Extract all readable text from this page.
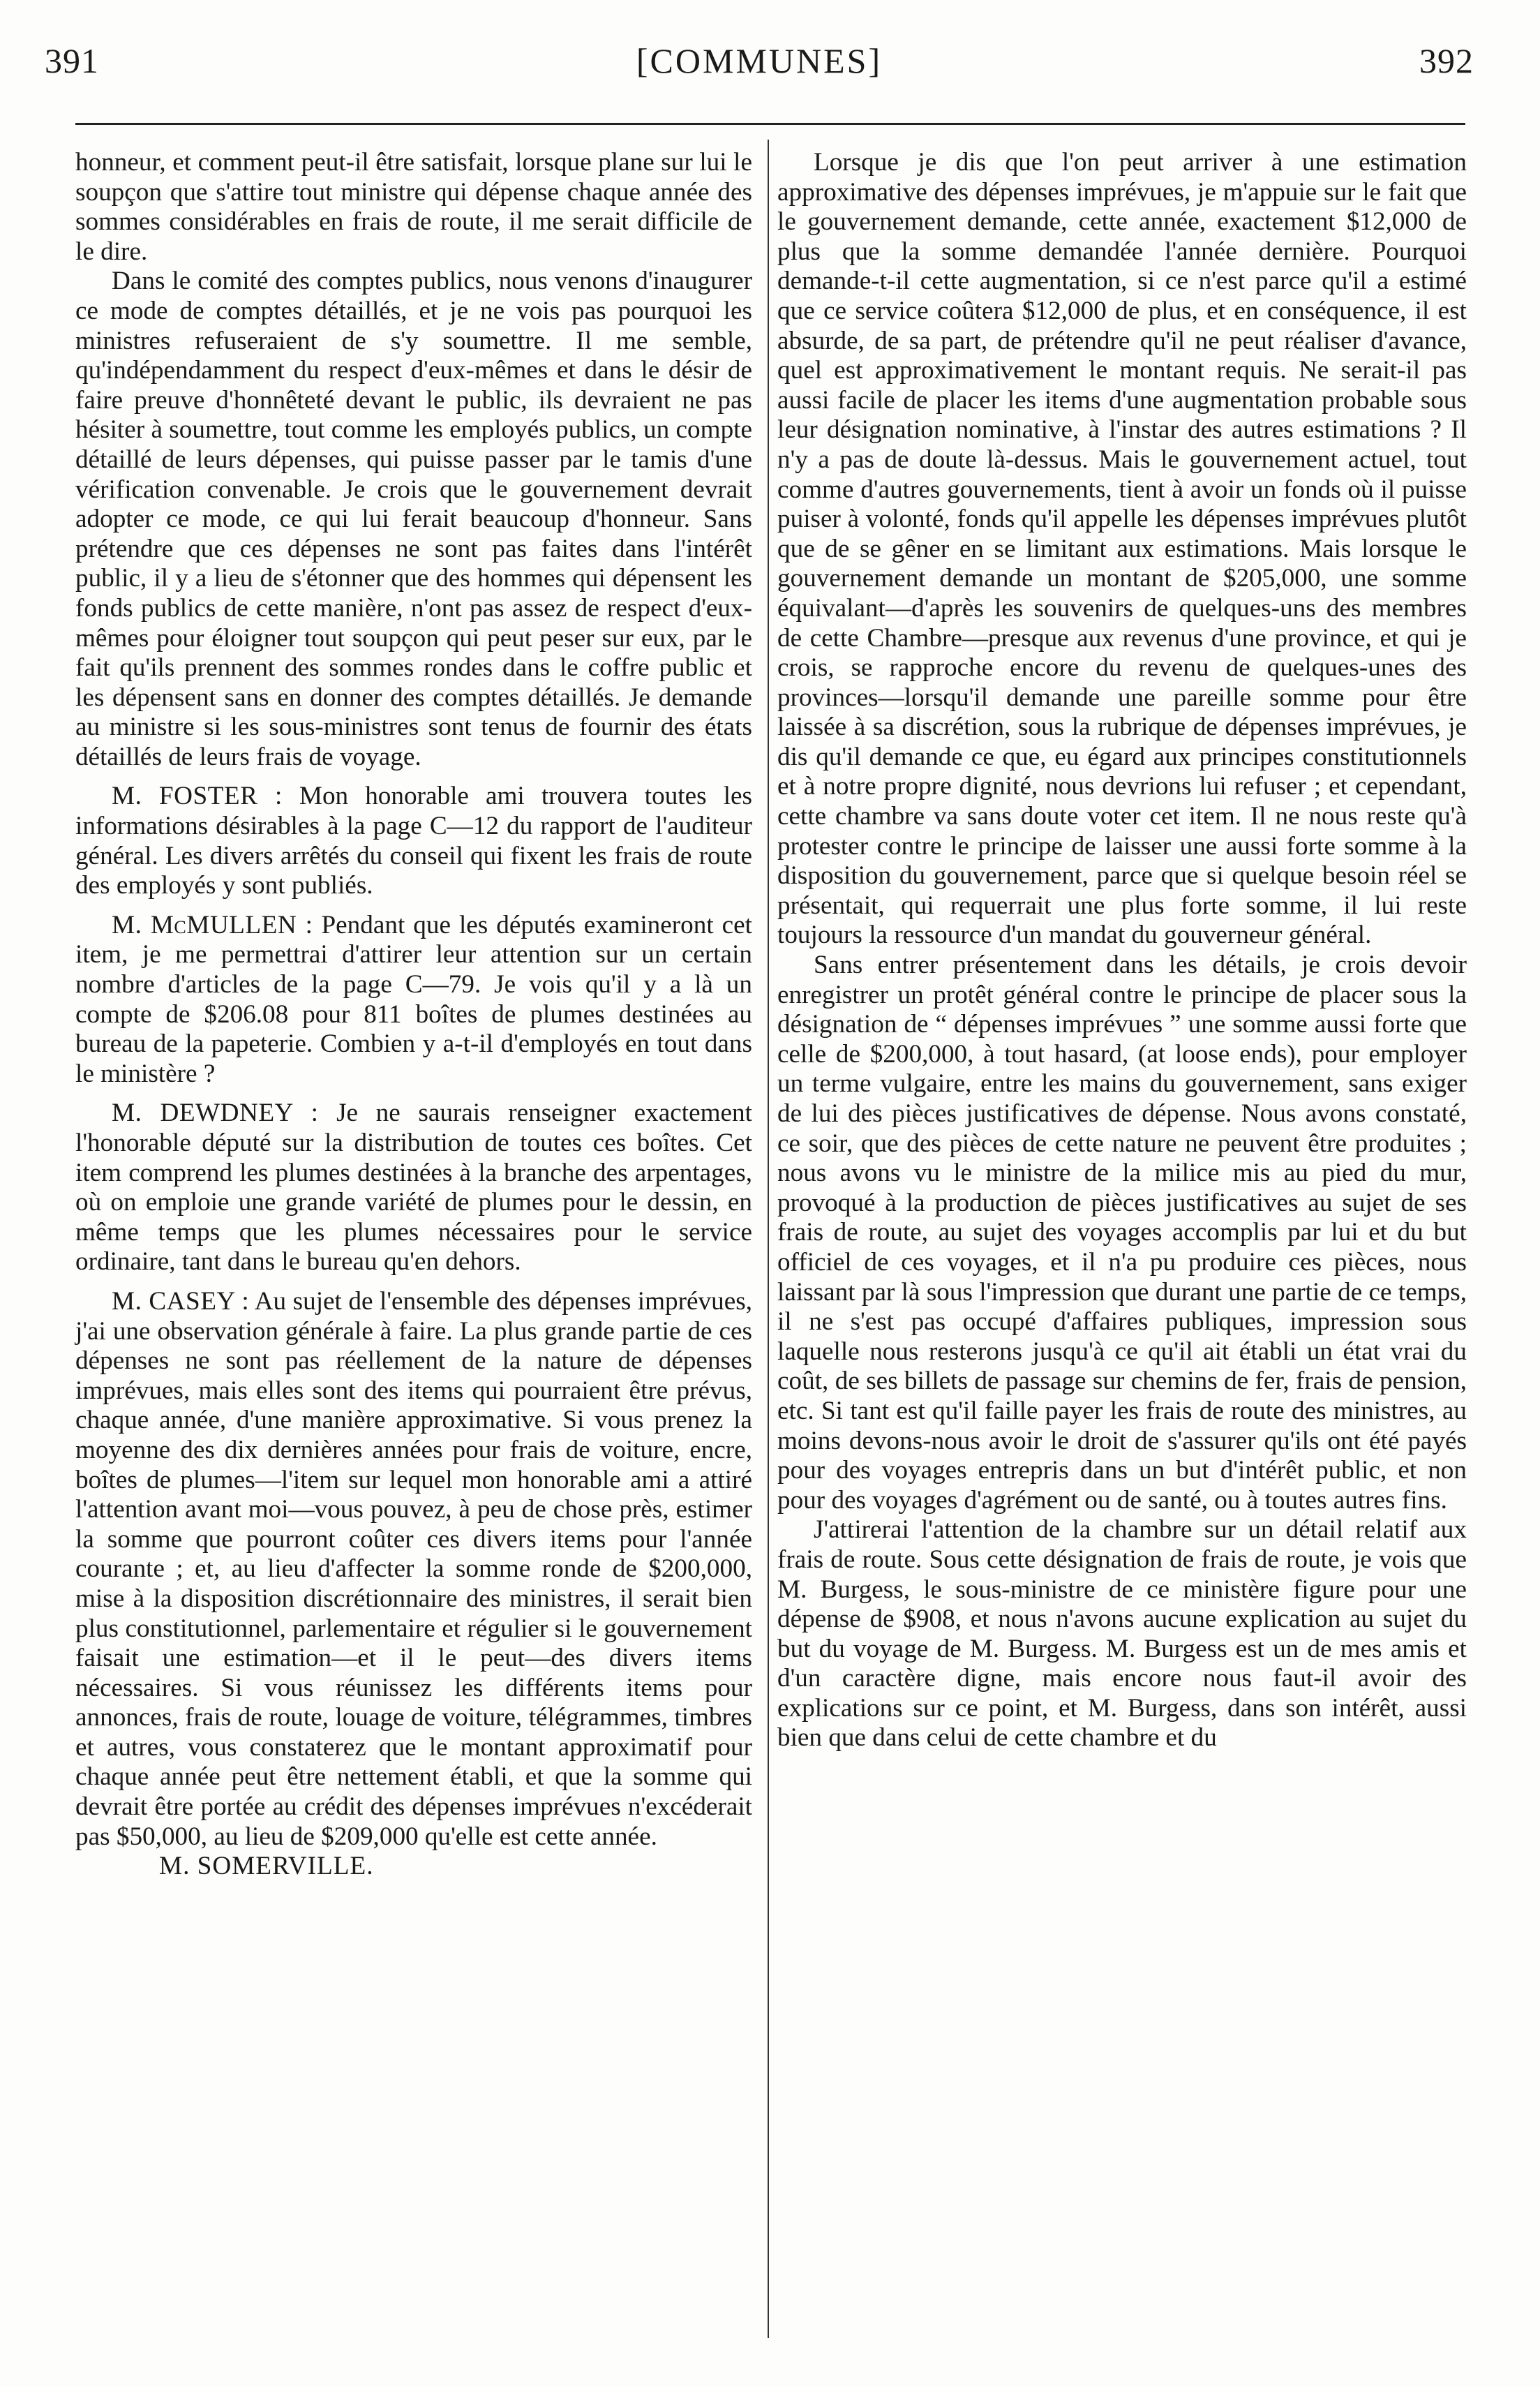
391	[COMMUNES]	392

honneur, et comment peut-il être satisfait, lorsque plane sur lui le soupçon que s'attire tout ministre qui dépense chaque année des sommes considérables en frais de route, il me serait difficile de le dire.

Dans le comité des comptes publics, nous venons d'inaugurer ce mode de comptes détaillés, et je ne vois pas pourquoi les ministres refuseraient de s'y soumettre. Il me semble, qu'indépendamment du respect d'eux-mêmes et dans le désir de faire preuve d'honnêteté devant le public, ils devraient ne pas hésiter à soumettre, tout comme les employés publics, un compte détaillé de leurs dépenses, qui puisse passer par le tamis d'une vérification convenable. Je crois que le gouvernement devrait adopter ce mode, ce qui lui ferait beaucoup d'honneur. Sans prétendre que ces dépenses ne sont pas faites dans l'intérêt public, il y a lieu de s'étonner que des hommes qui dépensent les fonds publics de cette manière, n'ont pas assez de respect d'eux-mêmes pour éloigner tout soupçon qui peut peser sur eux, par le fait qu'ils prennent des sommes rondes dans le coffre public et les dépensent sans en donner des comptes détaillés. Je demande au ministre si les sous-ministres sont tenus de fournir des états détaillés de leurs frais de voyage.

M. FOSTER : Mon honorable ami trouvera toutes les informations désirables à la page C—12 du rapport de l'auditeur général. Les divers arrêtés du conseil qui fixent les frais de route des employés y sont publiés.

M. McMULLEN : Pendant que les députés examineront cet item, je me permettrai d'attirer leur attention sur un certain nombre d'articles de la page C—79. Je vois qu'il y a là un compte de $206.08 pour 811 boîtes de plumes destinées au bureau de la papeterie. Combien y a-t-il d'employés en tout dans le ministère ?

M. DEWDNEY : Je ne saurais renseigner exactement l'honorable député sur la distribution de toutes ces boîtes. Cet item comprend les plumes destinées à la branche des arpentages, où on emploie une grande variété de plumes pour le dessin, en même temps que les plumes nécessaires pour le service ordinaire, tant dans le bureau qu'en dehors.

M. CASEY : Au sujet de l'ensemble des dépenses imprévues, j'ai une observation générale à faire. La plus grande partie de ces dépenses ne sont pas réellement de la nature de dépenses imprévues, mais elles sont des items qui pourraient être prévus, chaque année, d'une manière approximative. Si vous prenez la moyenne des dix dernières années pour frais de voiture, encre, boîtes de plumes—l'item sur lequel mon honorable ami a attiré l'attention avant moi—vous pouvez, à peu de chose près, estimer la somme que pourront coûter ces divers items pour l'année courante ; et, au lieu d'affecter la somme ronde de $200,000, mise à la disposition discrétionnaire des ministres, il serait bien plus constitutionnel, parlementaire et régulier si le gouvernement faisait une estimation—et il le peut—des divers items nécessaires. Si vous réunissez les différents items pour annonces, frais de route, louage de voiture, télégrammes, timbres et autres, vous constaterez que le montant approximatif pour chaque année peut être nettement établi, et que la somme qui devrait être portée au crédit des dépenses imprévues n'excéderait pas $50,000, au lieu de $209,000 qu'elle est cette année.

M. SOMERVILLE.

Lorsque je dis que l'on peut arriver à une estimation approximative des dépenses imprévues, je m'appuie sur le fait que le gouvernement demande, cette année, exactement $12,000 de plus que la somme demandée l'année dernière. Pourquoi demande-t-il cette augmentation, si ce n'est parce qu'il a estimé que ce service coûtera $12,000 de plus, et en conséquence, il est absurde, de sa part, de prétendre qu'il ne peut réaliser d'avance, quel est approximativement le montant requis. Ne serait-il pas aussi facile de placer les items d'une augmentation probable sous leur désignation nominative, à l'instar des autres estimations ? Il n'y a pas de doute là-dessus. Mais le gouvernement actuel, tout comme d'autres gouvernements, tient à avoir un fonds où il puisse puiser à volonté, fonds qu'il appelle les dépenses imprévues plutôt que de se gêner en se limitant aux estimations. Mais lorsque le gouvernement demande un montant de $205,000, une somme équivalant—d'après les souvenirs de quelques-uns des membres de cette Chambre—presque aux revenus d'une province, et qui je crois, se rapproche encore du revenu de quelques-unes des provinces—lorsqu'il demande une pareille somme pour être laissée à sa discrétion, sous la rubrique de dépenses imprévues, je dis qu'il demande ce que, eu égard aux principes constitutionnels et à notre propre dignité, nous devrions lui refuser ; et cependant, cette chambre va sans doute voter cet item. Il ne nous reste qu'à protester contre le principe de laisser une aussi forte somme à la disposition du gouvernement, parce que si quelque besoin réel se présentait, qui requerrait une plus forte somme, il lui reste toujours la ressource d'un mandat du gouverneur général.

Sans entrer présentement dans les détails, je crois devoir enregistrer un protêt général contre le principe de placer sous la désignation de “ dépenses imprévues ” une somme aussi forte que celle de $200,000, à tout hasard, (at loose ends), pour employer un terme vulgaire, entre les mains du gouvernement, sans exiger de lui des pièces justificatives de dépense. Nous avons constaté, ce soir, que des pièces de cette nature ne peuvent être produites ; nous avons vu le ministre de la milice mis au pied du mur, provoqué à la production de pièces justificatives au sujet de ses frais de route, au sujet des voyages accomplis par lui et du but officiel de ces voyages, et il n'a pu produire ces pièces, nous laissant par là sous l'impression que durant une partie de ce temps, il ne s'est pas occupé d'affaires publiques, impression sous laquelle nous resterons jusqu'à ce qu'il ait établi un état vrai du coût, de ses billets de passage sur chemins de fer, frais de pension, etc. Si tant est qu'il faille payer les frais de route des ministres, au moins devons-nous avoir le droit de s'assurer qu'ils ont été payés pour des voyages entrepris dans un but d'intérêt public, et non pour des voyages d'agrément ou de santé, ou à toutes autres fins.

J'attirerai l'attention de la chambre sur un détail relatif aux frais de route. Sous cette désignation de frais de route, je vois que M. Burgess, le sous-ministre de ce ministère figure pour une dépense de $908, et nous n'avons aucune explication au sujet du but du voyage de M. Burgess. M. Burgess est un de mes amis et d'un caractère digne, mais encore nous faut-il avoir des explications sur ce point, et M. Burgess, dans son intérêt, aussi bien que dans celui de cette chambre et du
